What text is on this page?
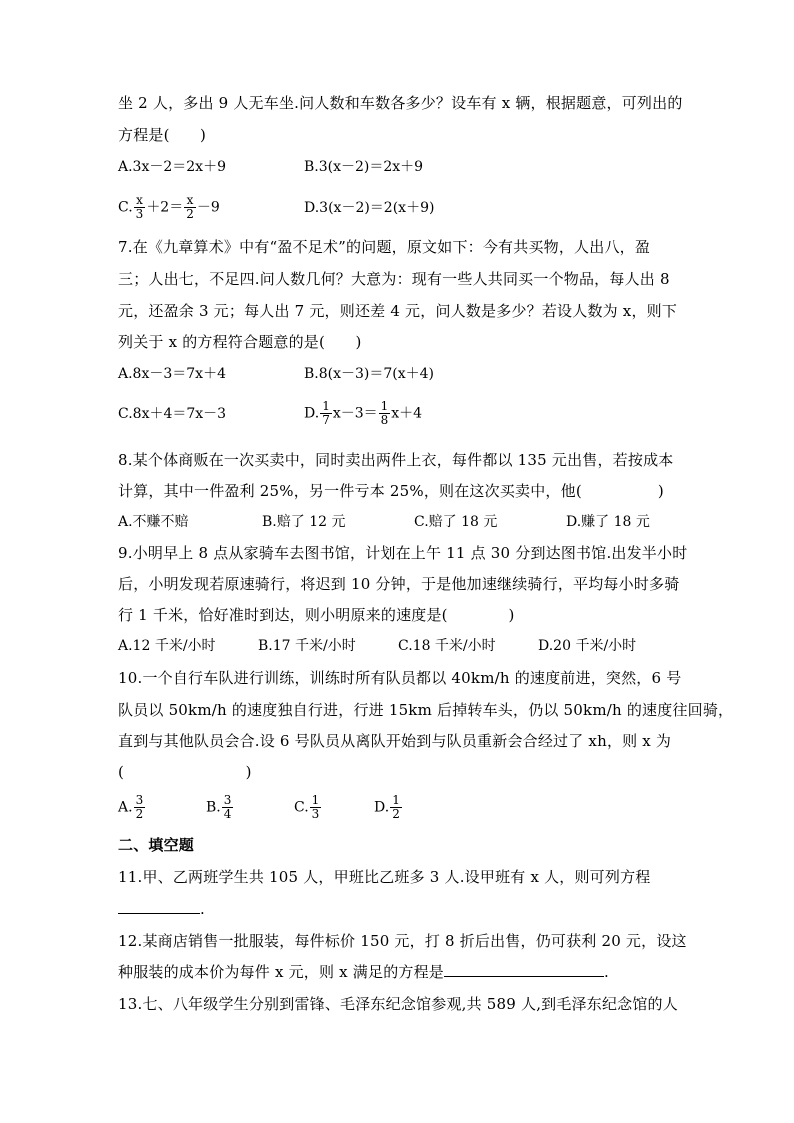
坐 2 人，多出 9 人无车坐.问人数和车数各多少？设车有 x 辆，根据题意，可列出的
方程是(　　)
A.3x－2＝2x＋9	B.3(x－2)＝2x＋9
C. $\frac{x}{3} +2= \frac{x}{2} -9$	D.3(x－2)＝2(x＋9)
7.在《九章算术》中有“盈不足术”的问题，原文如下：今有共买物，人出八，盈
三；人出七，不足四.问人数几何？大意为：现有一些人共同买一个物品，每人出 8
元，还盈余 3 元；每人出 7 元，则还差 4 元，问人数是多少？若设人数为 x，则下
列关于 x 的方程符合题意的是(　　)
A.8x－3＝7x＋4	B.8(x－3)＝7(x＋4)
C.8x＋4＝7x－3	D. $\frac{1}{7} x-3= \frac{1}{8} x+4$
8.某个体商贩在一次买卖中，同时卖出两件上衣，每件都以 135 元出售，若按成本
计算，其中一件盈利 25%，另一件亏本 25%，则在这次买卖中，他(　　　　　)
A.不赚不赔	B.赔了 12 元	C.赔了 18 元	D.赚了 18 元
9.小明早上 8 点从家骑车去图书馆，计划在上午 11 点 30 分到达图书馆.出发半小时
后，小明发现若原速骑行，将迟到 10 分钟，于是他加速继续骑行，平均每小时多骑
行 1 千米，恰好准时到达，则小明原来的速度是(　　　　)
A.12 千米/小时	B.17 千米/小时	C.18 千米/小时	D.20 千米/小时
10.一个自行车队进行训练，训练时所有队员都以 40km/h 的速度前进，突然，6 号
队员以 50km/h 的速度独自行进，行进 15km 后掉转车头，仍以 50km/h 的速度往回骑，
直到与其他队员会合.设 6 号队员从离队开始到与队员重新会合经过了 xh，则 x 为
(　　　　　　　　)
A. $\frac{3}{2}$	B. $\frac{3}{4}$	C. $\frac{1}{3}$	D. $\frac{1}{2}$
二、填空题
11.甲、乙两班学生共 105 人，甲班比乙班多 3 人.设甲班有 x 人，则可列方程
.
12.某商店销售一批服装，每件标价 150 元，打 8 折后出售，仍可获利 20 元，设这
种服装的成本价为每件 x 元，则 x 满足的方程是	.
13.七、八年级学生分别到雷锋、毛泽东纪念馆参观,共 589 人,到毛泽东纪念馆的人
